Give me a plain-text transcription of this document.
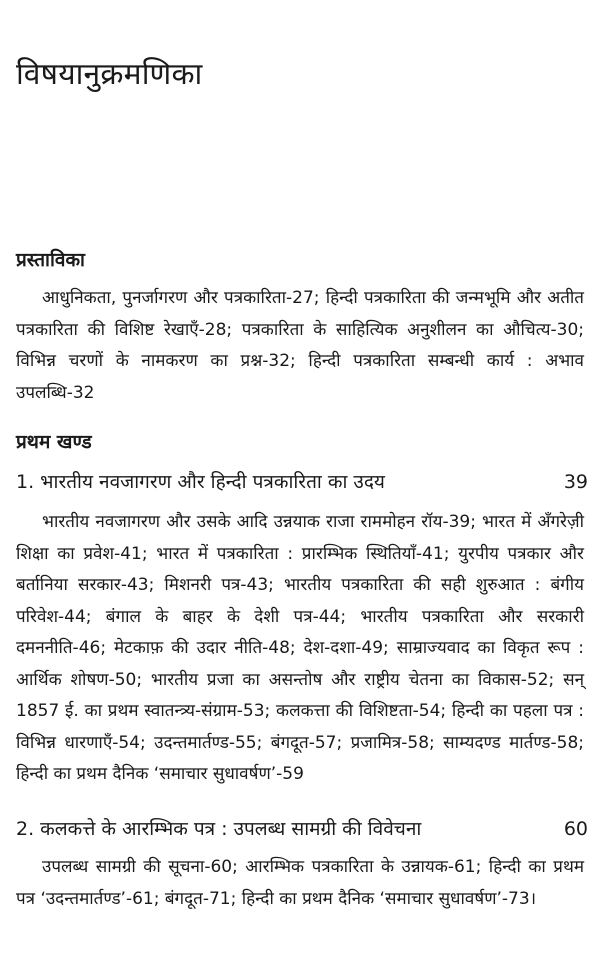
विषयानुक्रमणिका
प्रस्ताविका

आधुनिकता, पुनर्जागरण और पत्रकारिता-27; हिन्दी पत्रकारिता की जन्मभूमि और अतीत पत्रकारिता की विशिष्ट रेखाएँ-28; पत्रकारिता के साहित्यिक अनुशीलन का औचित्य-30; विभिन्न चरणों के नामकरण का प्रश्न-32; हिन्दी पत्रकारिता सम्बन्धी कार्य : अभाव उपलब्धि-32

प्रथम खण्ड
1. भारतीय नवजागरण और हिन्दी पत्रकारिता का उदय	39

भारतीय नवजागरण और उसके आदि उन्नयाक राजा राममोहन रॉय-39; भारत में अँगरेज़ी शिक्षा का प्रवेश-41; भारत में पत्रकारिता : प्रारम्भिक स्थितियाँ-41; युरपीय पत्रकार और बर्तानिया सरकार-43; मिशनरी पत्र-43; भारतीय पत्रकारिता की सही शुरुआत : बंगीय परिवेश-44; बंगाल के बाहर के देशी पत्र-44; भारतीय पत्रकारिता और सरकारी दमननीति-46; मेटकाफ़ की उदार नीति-48; देश-दशा-49; साम्राज्यवाद का विकृत रूप : आर्थिक शोषण-50; भारतीय प्रजा का असन्तोष और राष्ट्रीय चेतना का विकास-52; सन् 1857 ई. का प्रथम स्वातन्त्र्य-संग्राम-53; कलकत्ता की विशिष्टता-54; हिन्दी का पहला पत्र : विभिन्न धारणाएँ-54; उदन्तमार्तण्ड-55; बंगदूत-57; प्रजामित्र-58; साम्यदण्ड मार्तण्ड-58; हिन्दी का प्रथम दैनिक ‘समाचार सुधावर्षण’-59

2. कलकत्ते के आरम्भिक पत्र : उपलब्ध सामग्री की विवेचना	60

उपलब्ध सामग्री की सूचना-60; आरम्भिक पत्रकारिता के उन्नायक-61; हिन्दी का प्रथम पत्र ‘उदन्तमार्तण्ड’-61; बंगदूत-71; हिन्दी का प्रथम दैनिक ‘समाचार सुधावर्षण’-73।
